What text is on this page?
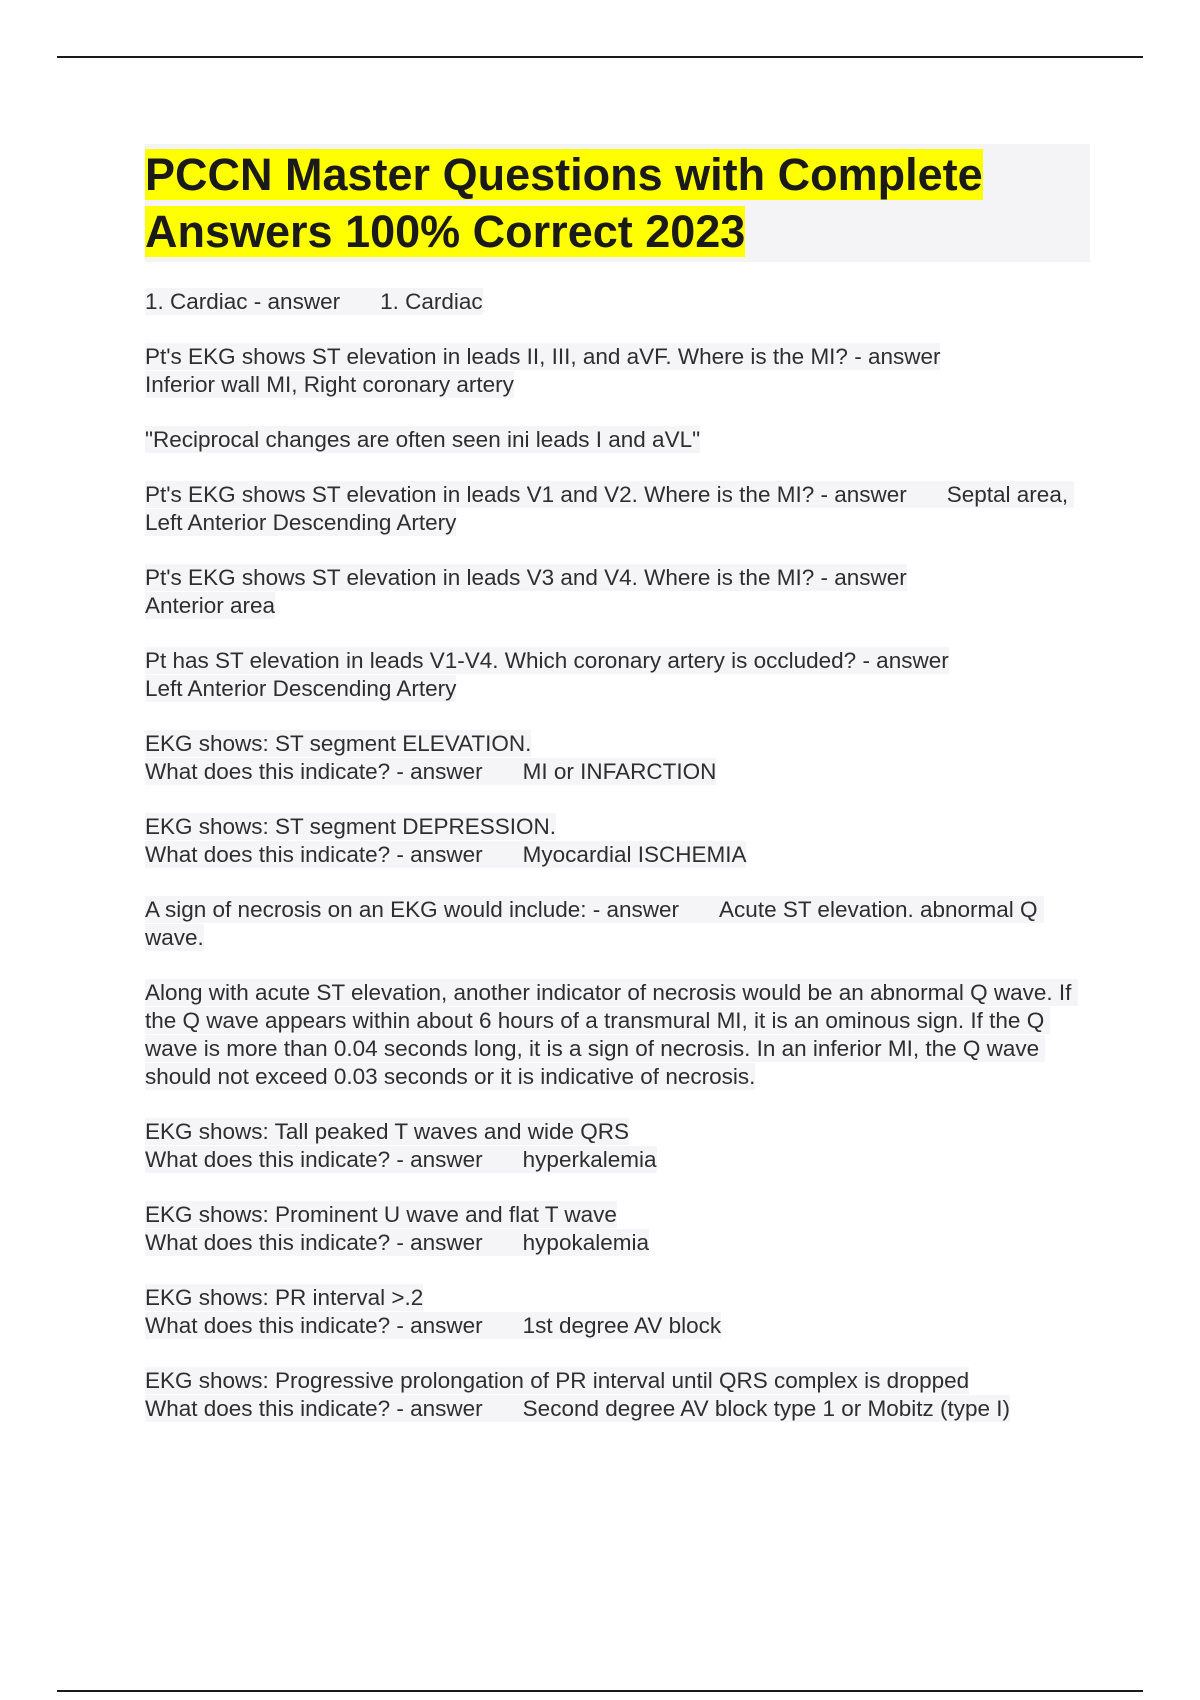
PCCN Master Questions with Complete
Answers 100% Correct 2023

1. Cardiac - answer 1. Cardiac

Pt's EKG shows ST elevation in leads II, III, and aVF. Where is the MI? - answer
Inferior wall MI, Right coronary artery

"Reciprocal changes are often seen ini leads I and aVL"

Pt's EKG shows ST elevation in leads V1 and V2. Where is the MI? - answer Septal area, Left Anterior Descending Artery

Pt's EKG shows ST elevation in leads V3 and V4. Where is the MI? - answer
Anterior area

Pt has ST elevation in leads V1-V4. Which coronary artery is occluded? - answer
Left Anterior Descending Artery

EKG shows: ST segment ELEVATION.
What does this indicate? - answer MI or INFARCTION

EKG shows: ST segment DEPRESSION.
What does this indicate? - answer Myocardial ISCHEMIA

A sign of necrosis on an EKG would include: - answer Acute ST elevation. abnormal Q wave.

Along with acute ST elevation, another indicator of necrosis would be an abnormal Q wave. If the Q wave appears within about 6 hours of a transmural MI, it is an ominous sign. If the Q wave is more than 0.04 seconds long, it is a sign of necrosis. In an inferior MI, the Q wave should not exceed 0.03 seconds or it is indicative of necrosis.

EKG shows: Tall peaked T waves and wide QRS
What does this indicate? - answer hyperkalemia

EKG shows: Prominent U wave and flat T wave
What does this indicate? - answer hypokalemia

EKG shows: PR interval >.2
What does this indicate? - answer 1st degree AV block

EKG shows: Progressive prolongation of PR interval until QRS complex is dropped
What does this indicate? - answer Second degree AV block type 1 or Mobitz (type I)
